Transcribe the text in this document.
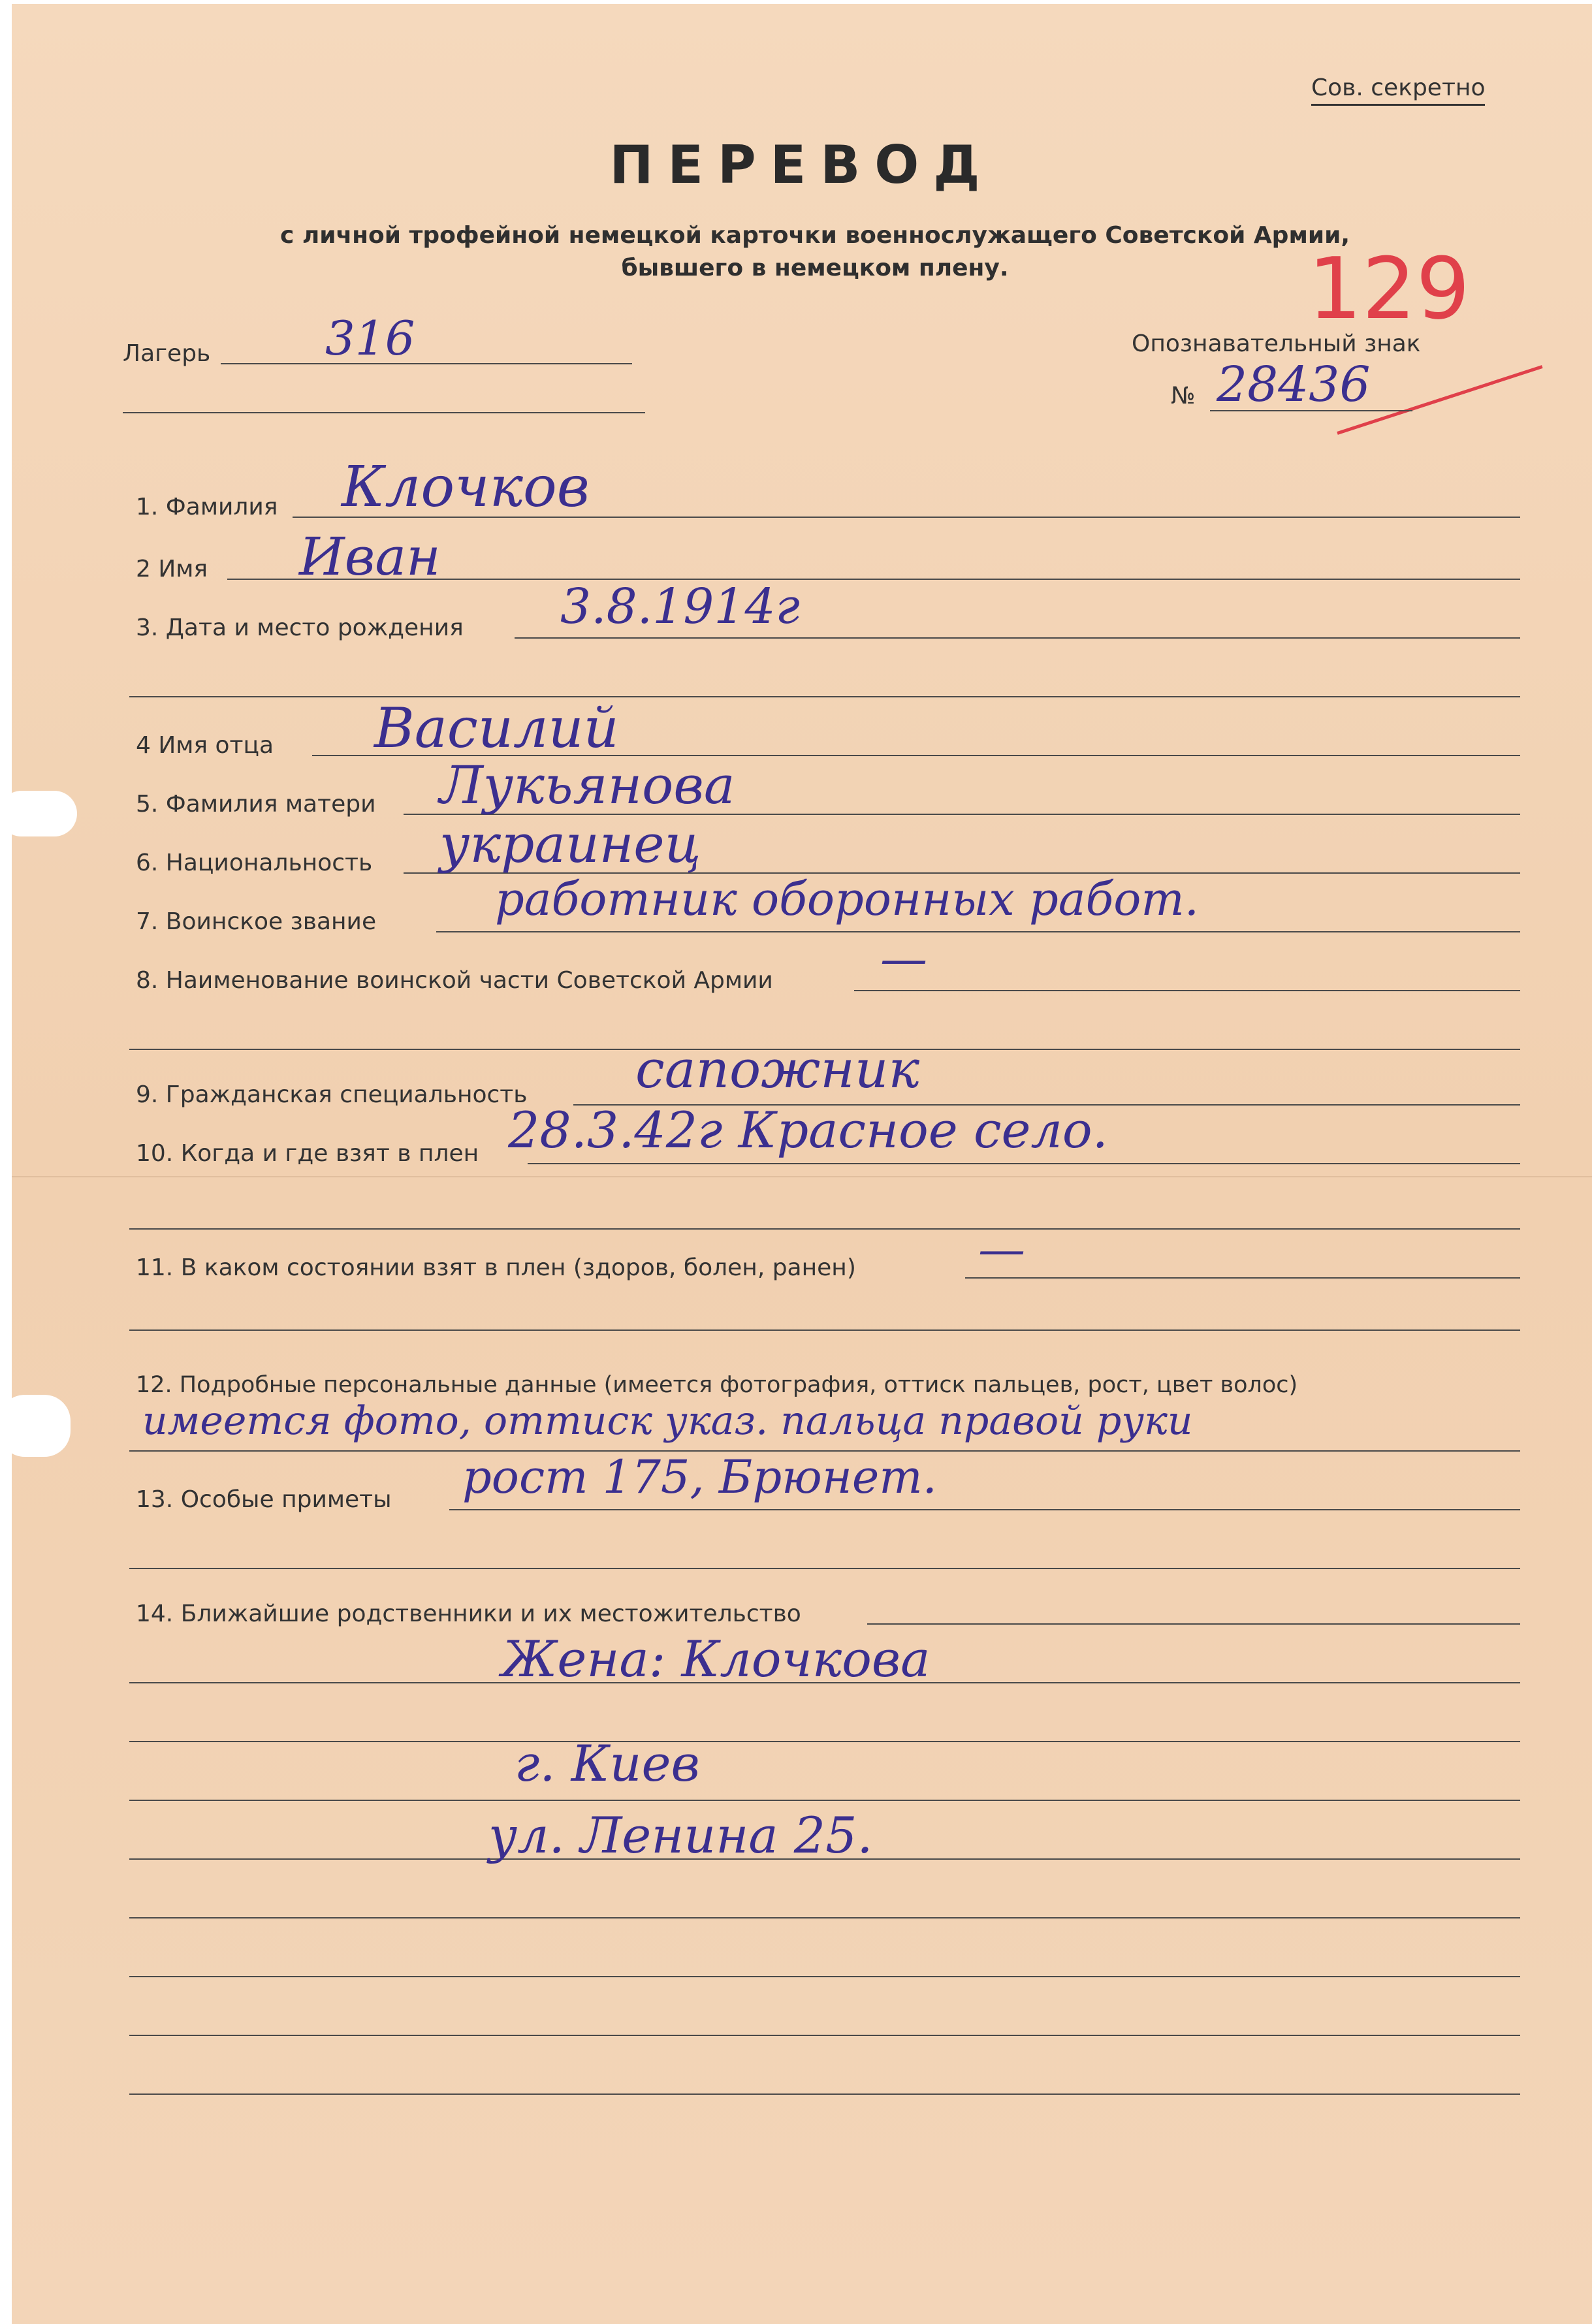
Сов. секретно
ПЕРЕВОД
с личной трофейной немецкой карточки военнослужащего Советской Армии,
бывшего в немецком плену.	129
Лагерь 316	Опознавательный знак
№ 28436
1. Фамилия Клочков
2 Имя Иван
3. Дата и место рождения 3.8.1914г
4 Имя отца Василий
5. Фамилия матери Лукьянова
6. Национальность украинец
7. Воинское звание	работник оборонных работ.
8. Наименование воинской части Советской Армии —
9. Гражданская специальность сапожник
10. Когда и где взят в плен 28.3.42г Красное село.
11. В каком состоянии взят в плен (здоров, болен, ранен)	—
12. Подробные персональные данные (имеется фотография, оттиск пальцев, рост, цвет волос)
имеется фото, оттиск указ. пальца правой руки
13. Особые приметы рост 175, Брюнет.
14. Ближайшие родственники и их местожительство
Жена: Клочкова
г. Киев
ул. Ленина 25.
